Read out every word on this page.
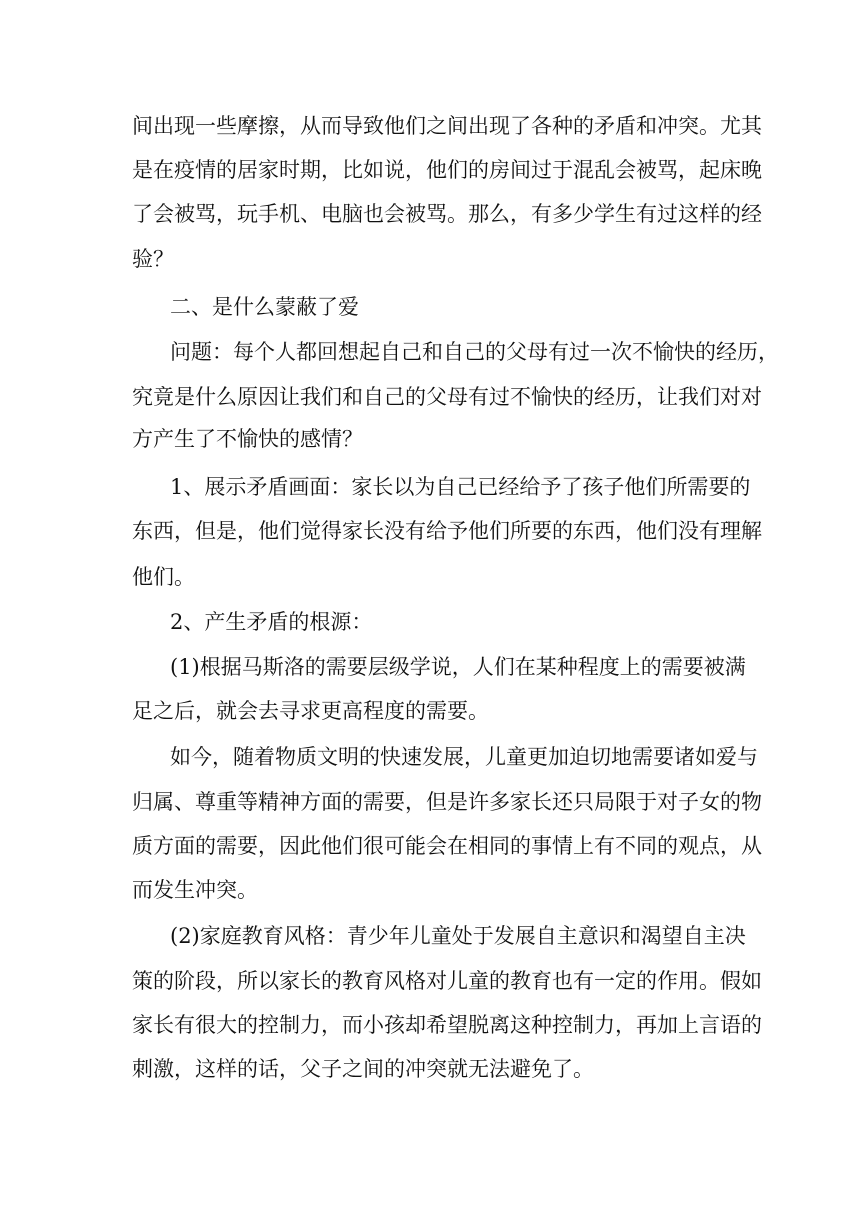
间出现一些摩擦，从而导致他们之间出现了各种的矛盾和冲突。尤其
是在疫情的居家时期，比如说，他们的房间过于混乱会被骂，起床晚
了会被骂，玩手机、电脑也会被骂。那么，有多少学生有过这样的经
验？
二、是什么蒙蔽了爱
问题：每个人都回想起自己和自己的父母有过一次不愉快的经历，
究竟是什么原因让我们和自己的父母有过不愉快的经历，让我们对对
方产生了不愉快的感情？
1、展示矛盾画面：家长以为自己已经给予了孩子他们所需要的
东西，但是，他们觉得家长没有给予他们所要的东西，他们没有理解
他们。
2、产生矛盾的根源：
(1)根据马斯洛的需要层级学说，人们在某种程度上的需要被满
足之后，就会去寻求更高程度的需要。
如今，随着物质文明的快速发展，儿童更加迫切地需要诸如爱与
归属、尊重等精神方面的需要，但是许多家长还只局限于对子女的物
质方面的需要，因此他们很可能会在相同的事情上有不同的观点，从
而发生冲突。
(2)家庭教育风格：青少年儿童处于发展自主意识和渴望自主决
策的阶段，所以家长的教育风格对儿童的教育也有一定的作用。假如
家长有很大的控制力，而小孩却希望脱离这种控制力，再加上言语的
刺激，这样的话，父子之间的冲突就无法避免了。
